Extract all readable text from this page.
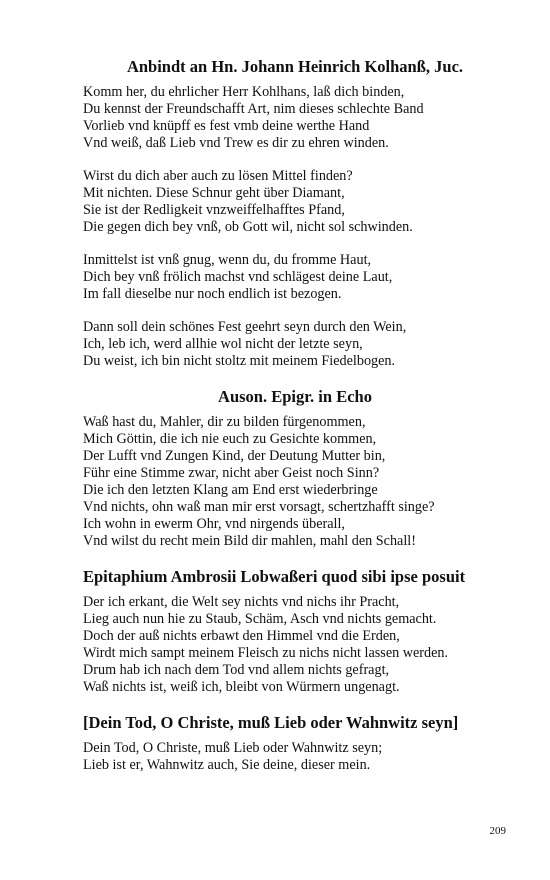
Anbindt an Hn. Johann Heinrich Kolhanß, Juc.
Komm her, du ehrlicher Herr Kohlhans, laß dich binden,
Du kennst der Freundschafft Art, nim dieses schlechte Band
Vorlieb vnd knüpff es fest vmb deine werthe Hand
Vnd weiß, daß Lieb vnd Trew es dir zu ehren winden.
Wirst du dich aber auch zu lösen Mittel finden?
Mit nichten. Diese Schnur geht über Diamant,
Sie ist der Redligkeit vnzweiffelhafftes Pfand,
Die gegen dich bey vnß, ob Gott wil, nicht sol schwinden.
Inmittelst ist vnß gnug, wenn du, du fromme Haut,
Dich bey vnß frölich machst vnd schlägest deine Laut,
Im fall dieselbe nur noch endlich ist bezogen.
Dann soll dein schönes Fest geehrt seyn durch den Wein,
Ich, leb ich, werd allhie wol nicht der letzte seyn,
Du weist, ich bin nicht stoltz mit meinem Fiedelbogen.
Auson. Epigr. in Echo
Waß hast du, Mahler, dir zu bilden fürgenommen,
Mich Göttin, die ich nie euch zu Gesichte kommen,
Der Lufft vnd Zungen Kind, der Deutung Mutter bin,
Führ eine Stimme zwar, nicht aber Geist noch Sinn?
Die ich den letzten Klang am End erst wiederbringe
Vnd nichts, ohn waß man mir erst vorsagt, schertzhafft singe?
Ich wohn in ewerm Ohr, vnd nirgends überall,
Vnd wilst du recht mein Bild dir mahlen, mahl den Schall!
Epitaphium Ambrosii Lobwaßeri quod sibi ipse posuit
Der ich erkant, die Welt sey nichts vnd nichs ihr Pracht,
Lieg auch nun hie zu Staub, Schäm, Asch vnd nichts gemacht.
Doch der auß nichts erbawt den Himmel vnd die Erden,
Wirdt mich sampt meinem Fleisch zu nichs nicht lassen werden.
Drum hab ich nach dem Tod vnd allem nichts gefragt,
Waß nichts ist, weiß ich, bleibt von Würmern ungenagt.
[Dein Tod, O Christe, muß Lieb oder Wahnwitz seyn]
Dein Tod, O Christe, muß Lieb oder Wahnwitz seyn;
Lieb ist er, Wahnwitz auch, Sie deine, dieser mein.
209
